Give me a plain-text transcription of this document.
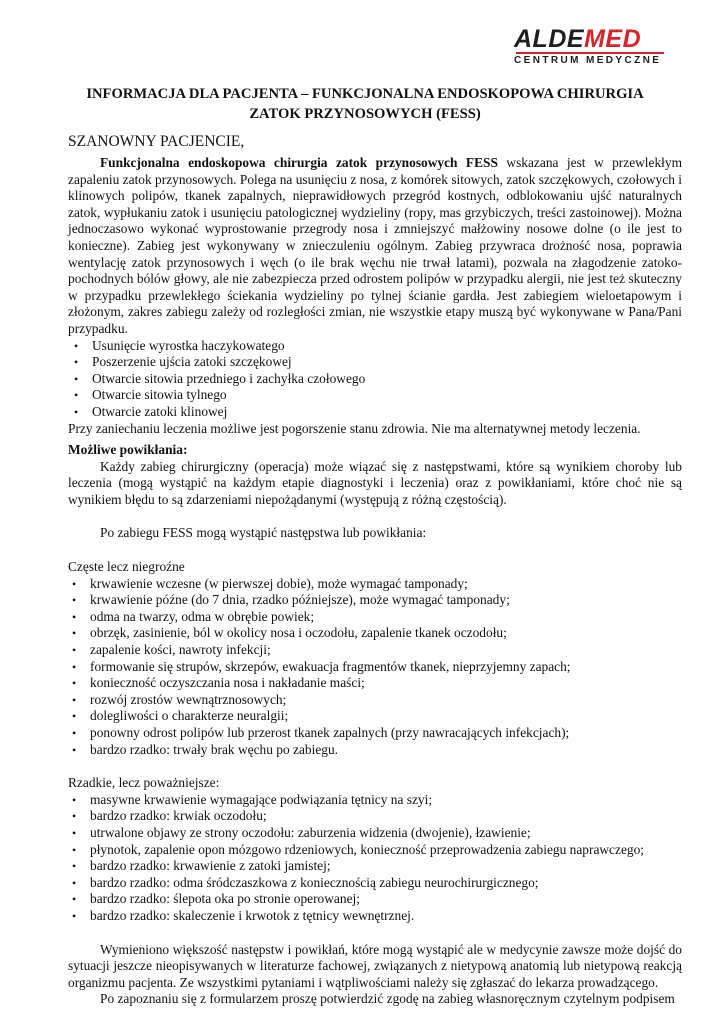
ALDEMED
CENTRUM MEDYCZNE
INFORMACJA DLA PACJENTA – FUNKCJONALNA ENDOSKOPOWA CHIRURGIA
ZATOK PRZYNOSOWYCH (FESS)
SZANOWNY PACJENCIE,

Funkcjonalna endoskopowa chirurgia zatok przynosowych FESS wskazana jest w przewlekłym zapaleniu zatok przynosowych. Polega na usunięciu z nosa, z komórek sitowych, zatok szczękowych, czołowych i klinowych polipów, tkanek zapalnych, nieprawidłowych przegród kostnych, odblokowaniu ujść naturalnych zatok, wypłukaniu zatok i usunięciu patologicznej wydzieliny (ropy, mas grzybiczych, treści zastoinowej). Można jednoczasowo wykonać wyprostowanie przegrody nosa i zmniejszyć małżowiny nosowe dolne (o ile jest to konieczne). Zabieg jest wykonywany w znieczuleniu ogólnym. Zabieg przywraca drożność nosa, poprawia wentylację zatok przynosowych i węch (o ile brak węchu nie trwał latami), pozwala na złagodzenie zatoko-pochodnych bólów głowy, ale nie zabezpiecza przed odrostem polipów w przypadku alergii, nie jest też skuteczny w przypadku przewlekłego ściekania wydzieliny po tylnej ścianie gardła. Jest zabiegiem wieloetapowym i złożonym, zakres zabiegu zależy od rozległości zmian, nie wszystkie etapy muszą być wykonywane w Pana/Pani przypadku.

• Usunięcie wyrostka haczykowatego
• Poszerzenie ujścia zatoki szczękowej
• Otwarcie sitowia przedniego i zachyłka czołowego
• Otwarcie sitowia tylnego
• Otwarcie zatoki klinowej

Przy zaniechaniu leczenia możliwe jest pogorszenie stanu zdrowia. Nie ma alternatywnej metody leczenia.

Możliwe powikłania:

Każdy zabieg chirurgiczny (operacja) może wiązać się z następstwami, które są wynikiem choroby lub leczenia (mogą wystąpić na każdym etapie diagnostyki i leczenia) oraz z powikłaniami, które choć nie są wynikiem błędu to są zdarzeniami niepożądanymi (występują z różną częstością).

Po zabiegu FESS mogą wystąpić następstwa lub powikłania:

Częste lecz niegroźne

• krwawienie wczesne (w pierwszej dobie), może wymagać tamponady;
• krwawienie późne (do 7 dnia, rzadko późniejsze), może wymagać tamponady;
• odma na twarzy, odma w obrębie powiek;
• obrzęk, zasinienie, ból w okolicy nosa i oczodołu, zapalenie tkanek oczodołu;
• zapalenie kości, nawroty infekcji;
• formowanie się strupów, skrzepów, ewakuacja fragmentów tkanek, nieprzyjemny zapach;
• konieczność oczyszczania nosa i nakładanie maści;
• rozwój zrostów wewnątrznosowych;
• dolegliwości o charakterze neuralgii;
• ponowny odrost polipów lub przerost tkanek zapalnych (przy nawracających infekcjach);
• bardzo rzadko: trwały brak węchu po zabiegu.

Rzadkie, lecz poważniejsze:

• masywne krwawienie wymagające podwiązania tętnicy na szyi;
• bardzo rzadko: krwiak oczodołu;
• utrwalone objawy ze strony oczodołu: zaburzenia widzenia (dwojenie), łzawienie;
• płynotok, zapalenie opon mózgowo rdzeniowych, konieczność przeprowadzenia zabiegu naprawczego;
• bardzo rzadko: krwawienie z zatoki jamistej;
• bardzo rzadko: odma śródczaszkowa z koniecznością zabiegu neurochirurgicznego;
• bardzo rzadko: ślepota oka po stronie operowanej;
• bardzo rzadko: skaleczenie i krwotok z tętnicy wewnętrznej.

Wymieniono większość następstw i powikłań, które mogą wystąpić ale w medycynie zawsze może dojść do sytuacji jeszcze nieopisywanych w literaturze fachowej, związanych z nietypową anatomią lub nietypową reakcją organizmu pacjenta. Ze wszystkimi pytaniami i wątpliwościami należy się zgłaszać do lekarza prowadzącego.

Po zapoznaniu się z formularzem proszę potwierdzić zgodę na zabieg własnoręcznym czytelnym podpisem
